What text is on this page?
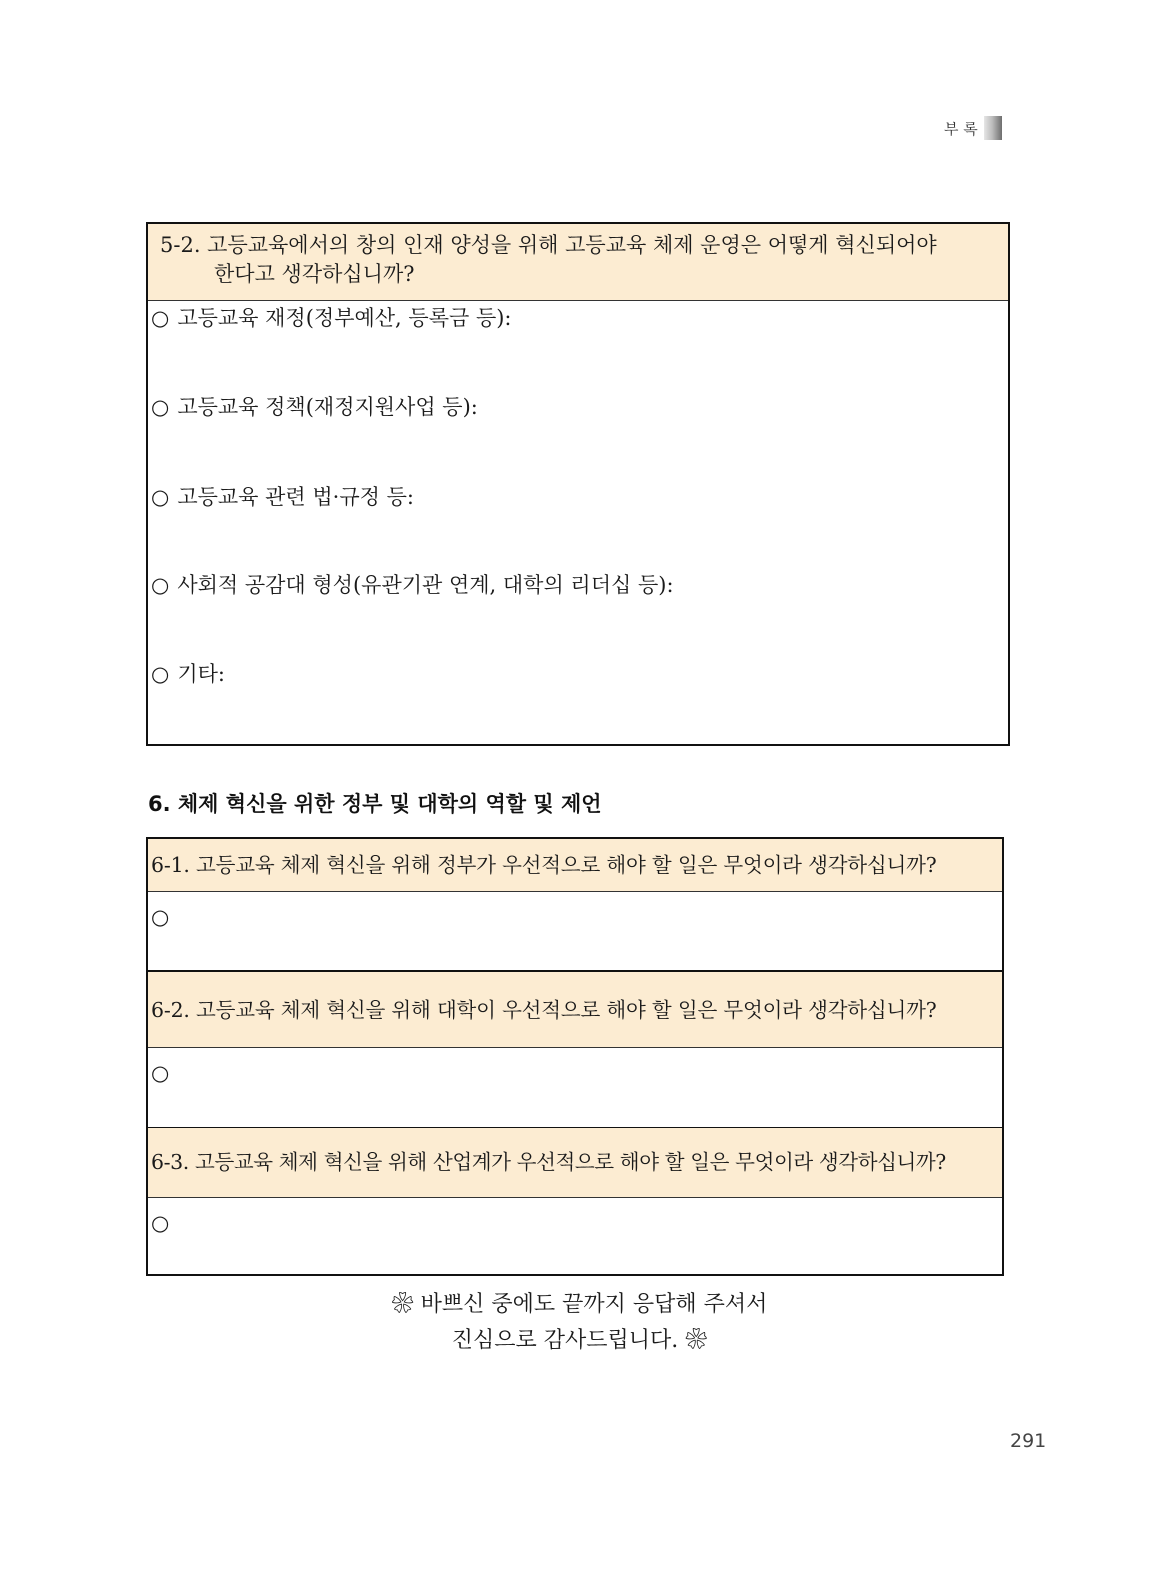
부 록
5-2. 고등교육에서의 창의 인재 양성을 위해 고등교육 체제 운영은 어떻게 혁신되어야
한다고 생각하십니까?
○ 고등교육 재정(정부예산, 등록금 등):
○ 고등교육 정책(재정지원사업 등):
○ 고등교육 관련 법·규정 등:
○ 사회적 공감대 형성(유관기관 연계, 대학의 리더십 등):
○ 기타:
6. 체제 혁신을 위한 정부 및 대학의 역할 및 제언
6-1. 고등교육 체제 혁신을 위해 정부가 우선적으로 해야 할 일은 무엇이라 생각하십니까?
○
6-2. 고등교육 체제 혁신을 위해 대학이 우선적으로 해야 할 일은 무엇이라 생각하십니까?
○
6-3. 고등교육 체제 혁신을 위해 산업계가 우선적으로 해야 할 일은 무엇이라 생각하십니까?
○
❀ 바쁘신 중에도 끝까지 응답해 주셔서
진심으로 감사드립니다. ❀
291
